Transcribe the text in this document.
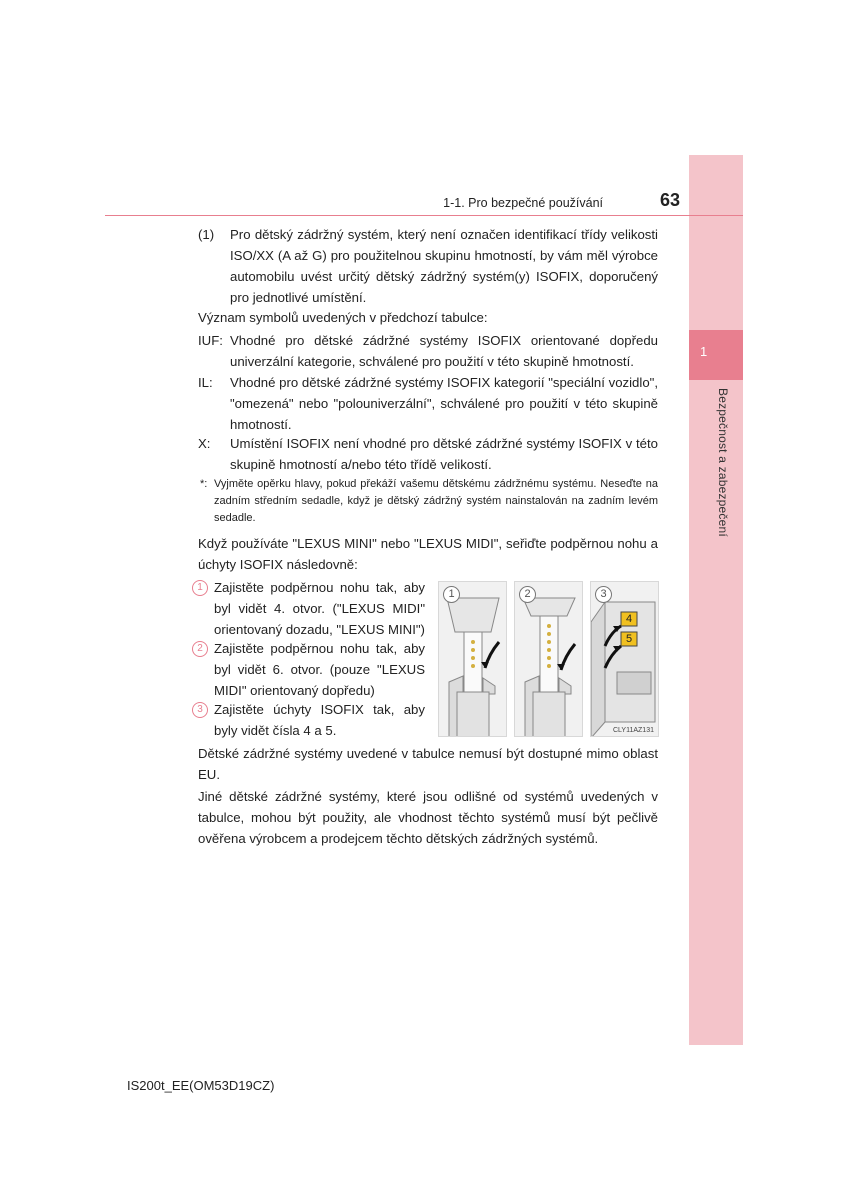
1
Bezpečnost a zabezpečení
1-1. Pro bezpečné používání	63
(1) Pro dětský zádržný systém, který není označen identifikací třídy velikosti ISO/XX (A až G) pro použitelnou skupinu hmotností, by vám měl výrobce automobilu uvést určitý dětský zádržný systém(y) ISOFIX, doporučený pro jednotlivé umístění.
Význam symbolů uvedených v předchozí tabulce:
IUF: Vhodné pro dětské zádržné systémy ISOFIX orientované dopředu univerzální kategorie, schválené pro použití v této skupině hmotností.
IL: Vhodné pro dětské zádržné systémy ISOFIX kategorií "speciální vozidlo", "omezená" nebo "polouniverzální", schválené pro použití v této skupině hmotností.
X: Umístění ISOFIX není vhodné pro dětské zádržné systémy ISOFIX v této skupině hmotností a/nebo této třídě velikostí.
*: Vyjměte opěrku hlavy, pokud překáží vašemu dětskému zádržnému systému. Neseďte na zadním středním sedadle, když je dětský zádržný systém nainstalován na zadním levém sedadle.
Když používáte "LEXUS MINI" nebo "LEXUS MIDI", seřiďte podpěrnou nohu a úchyty ISOFIX následovně:
1 Zajistěte podpěrnou nohu tak, aby byl vidět 4. otvor. ("LEXUS MIDI" orientovaný dozadu, "LEXUS MINI")
2 Zajistěte podpěrnou nohu tak, aby byl vidět 6. otvor. (pouze "LEXUS MIDI" orientovaný dopředu)
3 Zajistěte úchyty ISOFIX tak, aby byly vidět čísla 4 a 5.
1	2
4
5
3
CLY11AZ131
Dětské zádržné systémy uvedené v tabulce nemusí být dostupné mimo oblast EU.
Jiné dětské zádržné systémy, které jsou odlišné od systémů uvedených v tabulce, mohou být použity, ale vhodnost těchto systémů musí být pečlivě ověřena výrobcem a prodejcem těchto dětských zádržných systémů.
IS200t_EE(OM53D19CZ)
